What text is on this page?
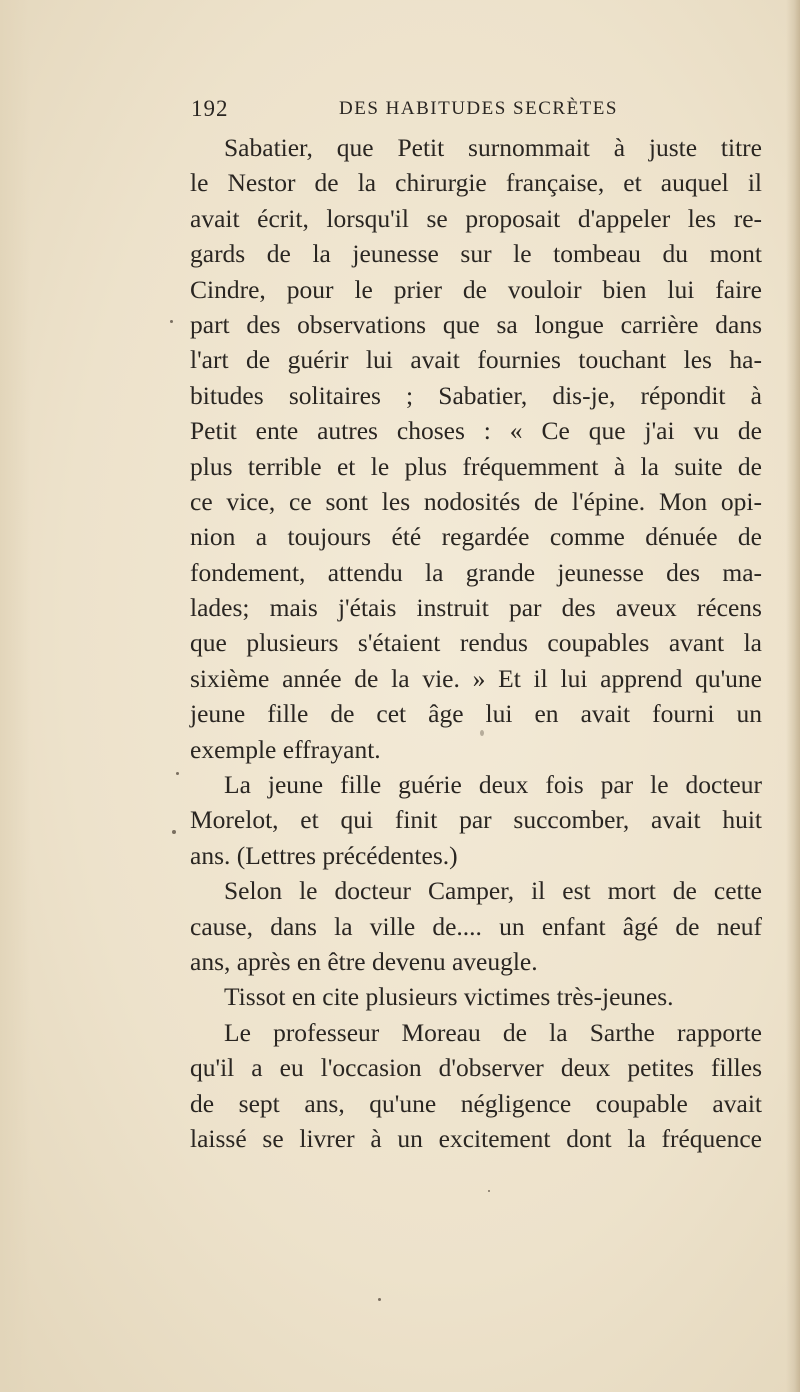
192	DES HABITUDES SECRÈTES
Sabatier, que Petit surnommait à juste titre
le Nestor de la chirurgie française, et auquel il
avait écrit, lorsqu'il se proposait d'appeler les re-
gards de la jeunesse sur le tombeau du mont
Cindre, pour le prier de vouloir bien lui faire
part des observations que sa longue carrière dans
l'art de guérir lui avait fournies touchant les ha-
bitudes solitaires ; Sabatier, dis-je, répondit à
Petit ente autres choses : « Ce que j'ai vu de
plus terrible et le plus fréquemment à la suite de
ce vice, ce sont les nodosités de l'épine. Mon opi-
nion a toujours été regardée comme dénuée de
fondement, attendu la grande jeunesse des ma-
lades; mais j'étais instruit par des aveux récens
que plusieurs s'étaient rendus coupables avant la
sixième année de la vie. » Et il lui apprend qu'une
jeune fille de cet âge lui en avait fourni un
exemple effrayant.
La jeune fille guérie deux fois par le docteur
Morelot, et qui finit par succomber, avait huit
ans. (Lettres précédentes.)
Selon le docteur Camper, il est mort de cette
cause, dans la ville de.... un enfant âgé de neuf
ans, après en être devenu aveugle.
Tissot en cite plusieurs victimes très-jeunes.
Le professeur Moreau de la Sarthe rapporte
qu'il a eu l'occasion d'observer deux petites filles
de sept ans, qu'une négligence coupable avait
laissé se livrer à un excitement dont la fréquence
